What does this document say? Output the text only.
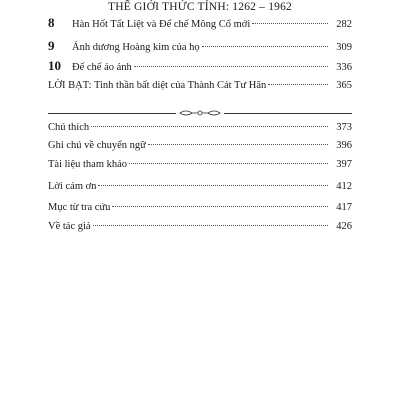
THẾ GIỚI THỨC TỈNH: 1262 – 1962
8	Hàn Hốt Tất Liệt và Đế chế Mông Cổ mới	282
9	Ánh dương Hoàng kim của họ	309
10	Đế chế ảo ảnh	336
LỜI BẠT: Tinh thần bất diệt của Thành Cát Tư Hãn	365
Chú thích	373
Ghi chú về chuyển ngữ	396
Tài liệu tham khảo	397
Lời cảm ơn	412
Mục từ tra cứu	417
Về tác giả	426
